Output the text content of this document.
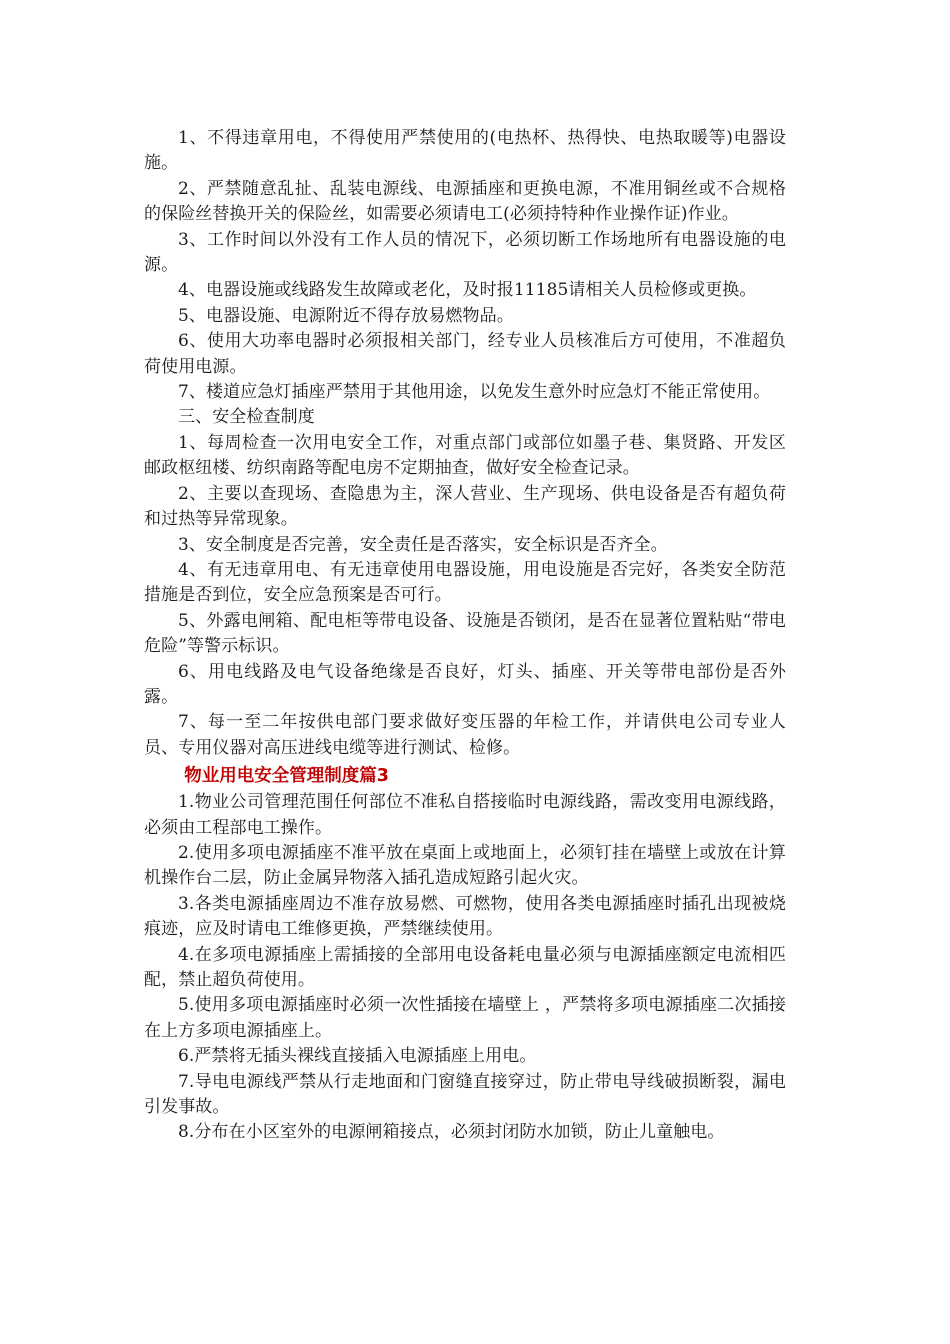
1、不得违章用电，不得使用严禁使用的(电热杯、热得快、电热取暖等)电器设施。

2、严禁随意乱扯、乱装电源线、电源插座和更换电源，不准用铜丝或不合规格的保险丝替换开关的保险丝，如需要必须请电工(必须持特种作业操作证)作业。

3、工作时间以外没有工作人员的情况下，必须切断工作场地所有电器设施的电源。

4、电器设施或线路发生故障或老化，及时报11185请相关人员检修或更换。

5、电器设施、电源附近不得存放易燃物品。

6、使用大功率电器时必须报相关部门，经专业人员核准后方可使用，不准超负荷使用电源。

7、楼道应急灯插座严禁用于其他用途，以免发生意外时应急灯不能正常使用。

三、安全检查制度

1、每周检查一次用电安全工作，对重点部门或部位如墨子巷、集贤路、开发区邮政枢纽楼、纺织南路等配电房不定期抽查，做好安全检查记录。

2、主要以查现场、查隐患为主，深人营业、生产现场、供电设备是否有超负荷和过热等异常现象。

3、安全制度是否完善，安全责任是否落实，安全标识是否齐全。

4、有无违章用电、有无违章使用电器设施，用电设施是否完好，各类安全防范措施是否到位，安全应急预案是否可行。

5、外露电闸箱、配电柜等带电设备、设施是否锁闭，是否在显著位置粘贴“带电危险”等警示标识。

6、用电线路及电气设备绝缘是否良好，灯头、插座、开关等带电部份是否外露。

7、每一至二年按供电部门要求做好变压器的年检工作，并请供电公司专业人员、专用仪器对高压进线电缆等进行测试、检修。

物业用电安全管理制度篇3

1.物业公司管理范围任何部位不准私自搭接临时电源线路，需改变用电源线路，必须由工程部电工操作。

2.使用多项电源插座不准平放在桌面上或地面上，必须钉挂在墙壁上或放在计算机操作台二层，防止金属异物落入插孔造成短路引起火灾。

3.各类电源插座周边不准存放易燃、可燃物，使用各类电源插座时插孔出现被烧痕迹，应及时请电工维修更换，严禁继续使用。

4.在多项电源插座上需插接的全部用电设备耗电量必须与电源插座额定电流相匹配，禁止超负荷使用。

5.使用多项电源插座时必须一次性插接在墙壁上 ，严禁将多项电源插座二次插接在上方多项电源插座上。

6.严禁将无插头裸线直接插入电源插座上用电。

7.导电电源线严禁从行走地面和门窗缝直接穿过，防止带电导线破损断裂，漏电引发事故。

8.分布在小区室外的电源闸箱接点，必须封闭防水加锁，防止儿童触电。
